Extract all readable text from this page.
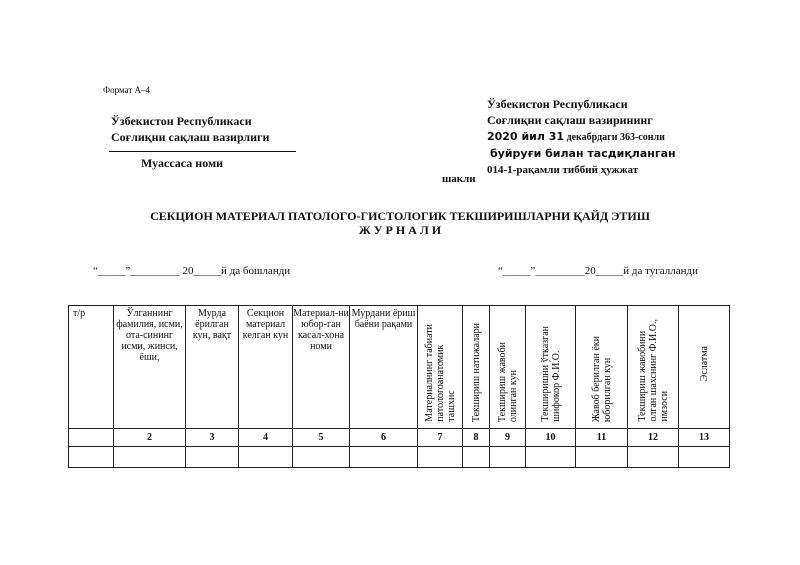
Формат А–4
Ўзбекистон Республикаси
Соғлиқни сақлаш вазирлиги
Муассаса номи
Ўзбекистон Республикаси
Соғлиқни сақлаш вазирининг
2020 йил 31 декабрдаги 363-сонли
буйруғи билан тасдиқланган
014-1-рақамли тиббий ҳужжат
шакли
СЕКЦИОН МАТЕРИАЛ ПАТОЛОГО-ГИСТОЛОГИК ТЕКШИРИШЛАРНИ ҚАЙД ЭТИШ
Ж У Р Н А Л И
“_____”_________ 20_____й да бошланди	“_____”_________20_____й да тугалланди
т/р	Ўлганнинг фамилия, исми, ота-сининг исми, жинси, ёши,	Мурда ёрилган кун, вақт	Секцион материал келган кун	Материал-ни юбор-ган касал-хона номи	Мурдани ёриш баёни рақами	Материалнинг табиати
патологоанатомик
ташхис	Текшириш натижалари	Текшириш жавоби
олинган кун	Текширишни ўтказган
шифокор Ф.И.О.	Жавоб берилган ёки
юборилган кун	Текшириш жавобини
олган шахснинг Ф.И.О.,
имзоси	Эслатма

	2	3	4	5	6	7	8	9	10	11	12	13
